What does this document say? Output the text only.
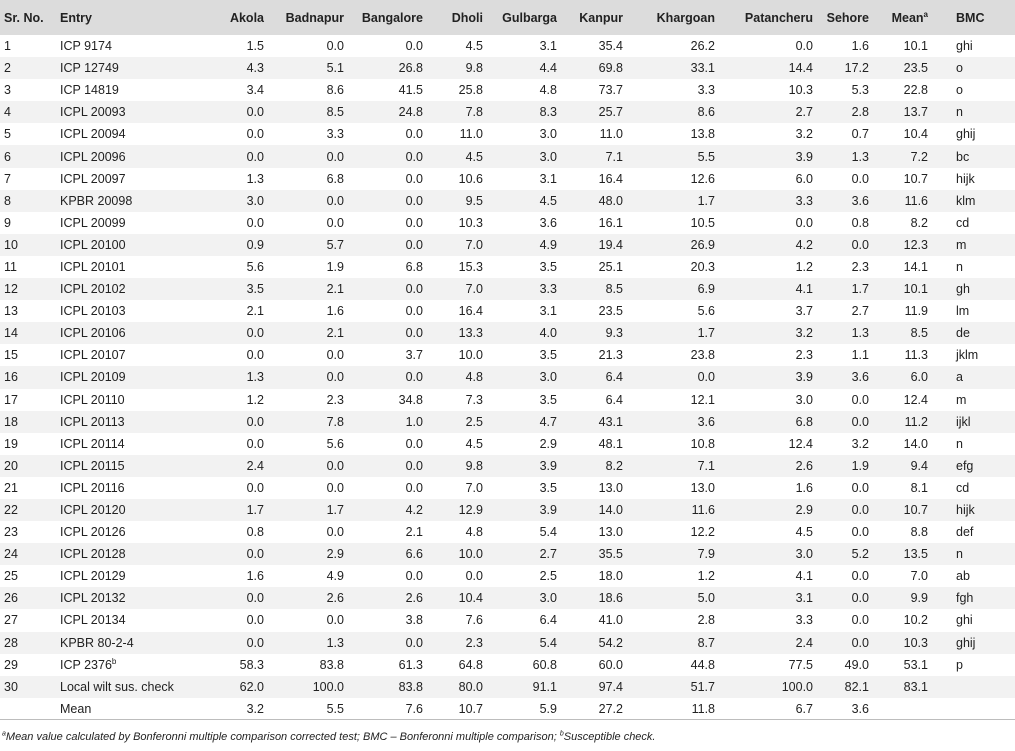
Sr. No.	Entry	Akola	Badnapur	Bangalore	Dholi	Gulbarga	Kanpur	Khargoan	Patancheru	Sehore	Mean$^a$	BMC
1	ICP 9174	1.5	0.0	0.0	4.5	3.1	35.4	26.2	0.0	1.6	10.1	ghi
2	ICP 12749	4.3	5.1	26.8	9.8	4.4	69.8	33.1	14.4	17.2	23.5	o
3	ICP 14819	3.4	8.6	41.5	25.8	4.8	73.7	3.3	10.3	5.3	22.8	o
4	ICPL 20093	0.0	8.5	24.8	7.8	8.3	25.7	8.6	2.7	2.8	13.7	n
5	ICPL 20094	0.0	3.3	0.0	11.0	3.0	11.0	13.8	3.2	0.7	10.4	ghij
6	ICPL 20096	0.0	0.0	0.0	4.5	3.0	7.1	5.5	3.9	1.3	7.2	bc
7	ICPL 20097	1.3	6.8	0.0	10.6	3.1	16.4	12.6	6.0	0.0	10.7	hijk
8	KPBR 20098	3.0	0.0	0.0	9.5	4.5	48.0	1.7	3.3	3.6	11.6	klm
9	ICPL 20099	0.0	0.0	0.0	10.3	3.6	16.1	10.5	0.0	0.8	8.2	cd
10	ICPL 20100	0.9	5.7	0.0	7.0	4.9	19.4	26.9	4.2	0.0	12.3	m
11	ICPL 20101	5.6	1.9	6.8	15.3	3.5	25.1	20.3	1.2	2.3	14.1	n
12	ICPL 20102	3.5	2.1	0.0	7.0	3.3	8.5	6.9	4.1	1.7	10.1	gh
13	ICPL 20103	2.1	1.6	0.0	16.4	3.1	23.5	5.6	3.7	2.7	11.9	lm
14	ICPL 20106	0.0	2.1	0.0	13.3	4.0	9.3	1.7	3.2	1.3	8.5	de
15	ICPL 20107	0.0	0.0	3.7	10.0	3.5	21.3	23.8	2.3	1.1	11.3	jklm
16	ICPL 20109	1.3	0.0	0.0	4.8	3.0	6.4	0.0	3.9	3.6	6.0	a
17	ICPL 20110	1.2	2.3	34.8	7.3	3.5	6.4	12.1	3.0	0.0	12.4	m
18	ICPL 20113	0.0	7.8	1.0	2.5	4.7	43.1	3.6	6.8	0.0	11.2	ijkl
19	ICPL 20114	0.0	5.6	0.0	4.5	2.9	48.1	10.8	12.4	3.2	14.0	n
20	ICPL 20115	2.4	0.0	0.0	9.8	3.9	8.2	7.1	2.6	1.9	9.4	efg
21	ICPL 20116	0.0	0.0	0.0	7.0	3.5	13.0	13.0	1.6	0.0	8.1	cd
22	ICPL 20120	1.7	1.7	4.2	12.9	3.9	14.0	11.6	2.9	0.0	10.7	hijk
23	ICPL 20126	0.8	0.0	2.1	4.8	5.4	13.0	12.2	4.5	0.0	8.8	def
24	ICPL 20128	0.0	2.9	6.6	10.0	2.7	35.5	7.9	3.0	5.2	13.5	n
25	ICPL 20129	1.6	4.9	0.0	0.0	2.5	18.0	1.2	4.1	0.0	7.0	ab
26	ICPL 20132	0.0	2.6	2.6	10.4	3.0	18.6	5.0	3.1	0.0	9.9	fgh
27	ICPL 20134	0.0	0.0	3.8	7.6	6.4	41.0	2.8	3.3	0.0	10.2	ghi
28	KPBR 80-2-4	0.0	1.3	0.0	2.3	5.4	54.2	8.7	2.4	0.0	10.3	ghij
29	ICP 2376$^b$	58.3	83.8	61.3	64.8	60.8	60.0	44.8	77.5	49.0	53.1	p
30	Local wilt sus. check	62.0	100.0	83.8	80.0	91.1	97.4	51.7	100.0	82.1	83.1	
	Mean	3.2	5.5	7.6	10.7	5.9	27.2	11.8	6.7	3.6		
$^a$Mean value calculated by Bonferonni multiple comparison corrected test; BMC – Bonferonni multiple comparison; $^b$Susceptible check.
